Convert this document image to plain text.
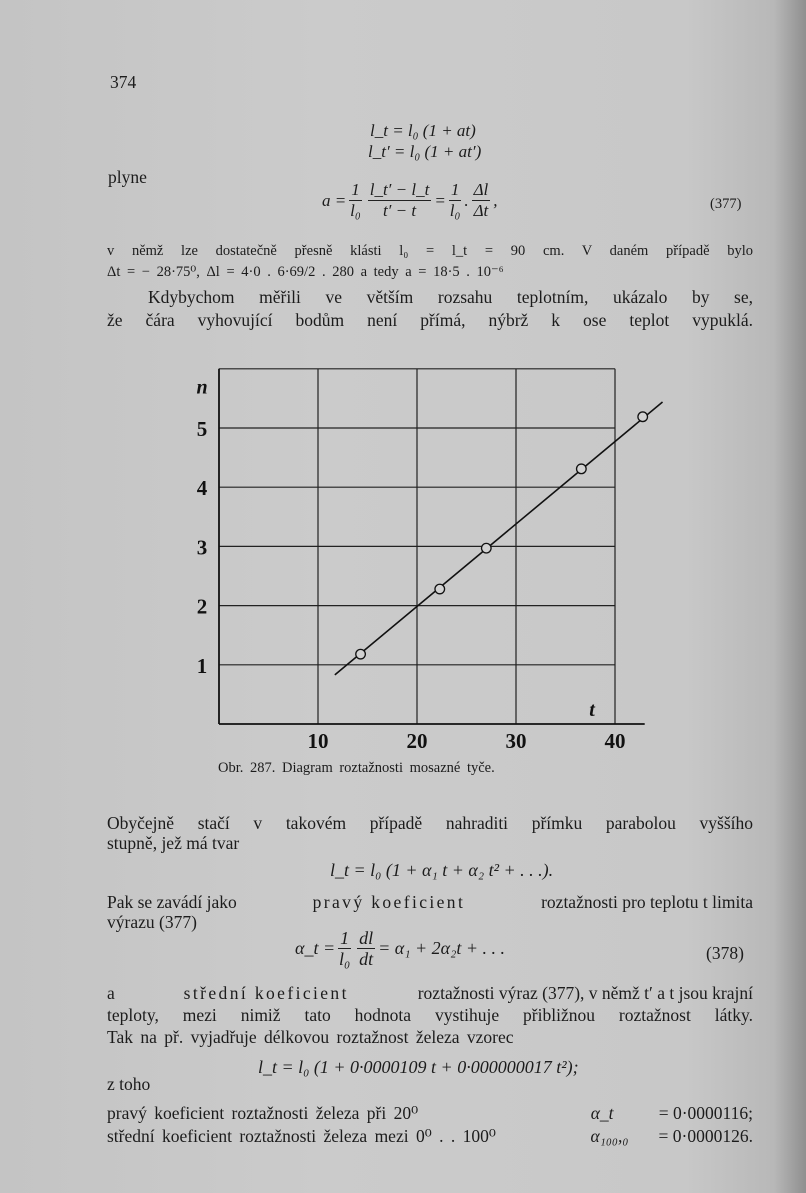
374
l_t = l₀ (1 + at)
l_t′ = l₀ (1 + at′)
plyne
$a = \frac{1}{\text{l₀}} \frac{l\_t' - l\_t}{t' - t} = \frac{1}{\text{l₀}}$ . $\frac{\Delta l}{\Delta t}$ ,	(377)
v němž lze dostatečně přesně klásti l₀ = l_t = 90 cm. V daném případě bylo
Δt = − 28·75⁰, Δl = 4·0 . 6·69/2 . 280 a tedy a = 18·5 . 10⁻⁶
Kdybychom měřili ve větším rozsahu teplotním, ukázalo by se,
že čára vyhovující bodům není přímá, nýbrž k ose teplot vypuklá.
10	20	30	40
1
2
3
4
5
n
t
Obr. 287. Diagram roztažnosti mosazné tyče.
Obyčejně stačí v takovém případě nahraditi přímku parabolou vyššího
stupně, jež má tvar
l_t = l₀ (1 + α₁ t + α₂ t² + . . .).
Pak se zavádí jako	pravý koeficient	roztažnosti pro teplotu t limita
výrazu (377)
α_t = $\frac{1}{\text{l₀}} \frac{dl}{dt} = \alpha_1 + 2\alpha_2t$ + . . .	(378)
a	střední koeficient	roztažnosti výraz (377), v němž t′ a t jsou krajní
teploty, mezi nimiž tato hodnota vystihuje přibližnou roztažnost látky.
Tak na př. vyjadřuje délkovou roztažnost železa vzorec
l_t = l₀ (1 + 0·0000109 t + 0·000000017 t²);
z toho
pravý koeficient roztažnosti železa při 20⁰	α_t	= 0·0000116;
střední koeficient roztažnosti železa mezi 0⁰ . . 100⁰	α₁₀₀,₀	= 0·0000126.
